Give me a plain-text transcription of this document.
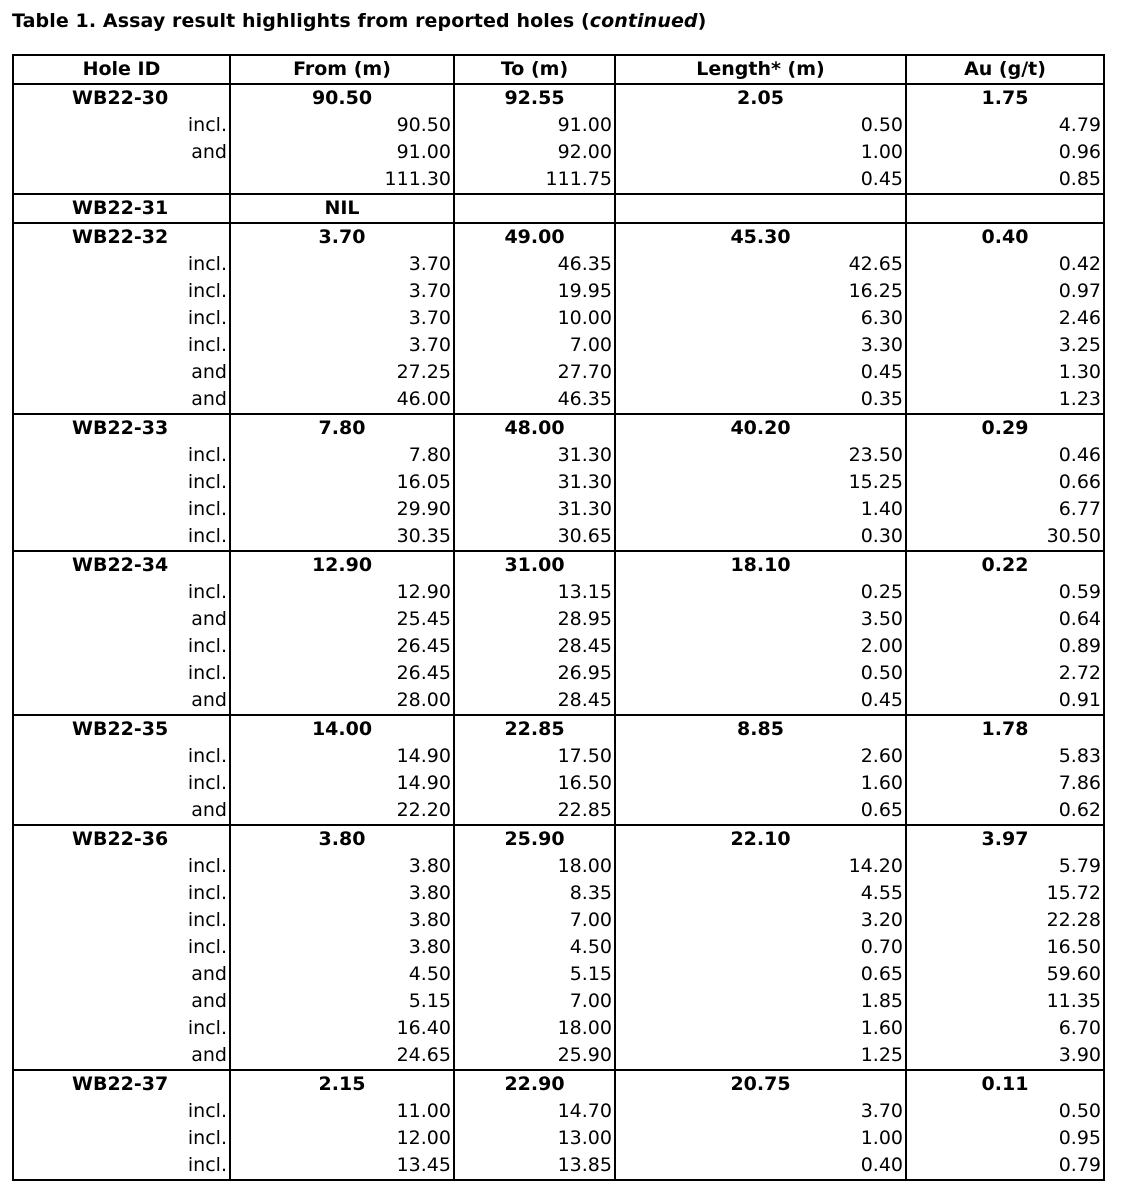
Table 1. Assay result highlights from reported holes (continued)
Hole ID	From (m)	To (m)	Length* (m)	Au (g/t)
WB22-30	90.50	92.55	2.05	1.75
incl.	90.50	91.00	0.50	4.79
and	91.00	92.00	1.00	0.96
	111.30	111.75	0.45	0.85
WB22-31	NIL			
WB22-32	3.70	49.00	45.30	0.40
incl.	3.70	46.35	42.65	0.42
incl.	3.70	19.95	16.25	0.97
incl.	3.70	10.00	6.30	2.46
incl.	3.70	7.00	3.30	3.25
and	27.25	27.70	0.45	1.30
and	46.00	46.35	0.35	1.23
WB22-33	7.80	48.00	40.20	0.29
incl.	7.80	31.30	23.50	0.46
incl.	16.05	31.30	15.25	0.66
incl.	29.90	31.30	1.40	6.77
incl.	30.35	30.65	0.30	30.50
WB22-34	12.90	31.00	18.10	0.22
incl.	12.90	13.15	0.25	0.59
and	25.45	28.95	3.50	0.64
incl.	26.45	28.45	2.00	0.89
incl.	26.45	26.95	0.50	2.72
and	28.00	28.45	0.45	0.91
WB22-35	14.00	22.85	8.85	1.78
incl.	14.90	17.50	2.60	5.83
incl.	14.90	16.50	1.60	7.86
and	22.20	22.85	0.65	0.62
WB22-36	3.80	25.90	22.10	3.97
incl.	3.80	18.00	14.20	5.79
incl.	3.80	8.35	4.55	15.72
incl.	3.80	7.00	3.20	22.28
incl.	3.80	4.50	0.70	16.50
and	4.50	5.15	0.65	59.60
and	5.15	7.00	1.85	11.35
incl.	16.40	18.00	1.60	6.70
and	24.65	25.90	1.25	3.90
WB22-37	2.15	22.90	20.75	0.11
incl.	11.00	14.70	3.70	0.50
incl.	12.00	13.00	1.00	0.95
incl.	13.45	13.85	0.40	0.79
